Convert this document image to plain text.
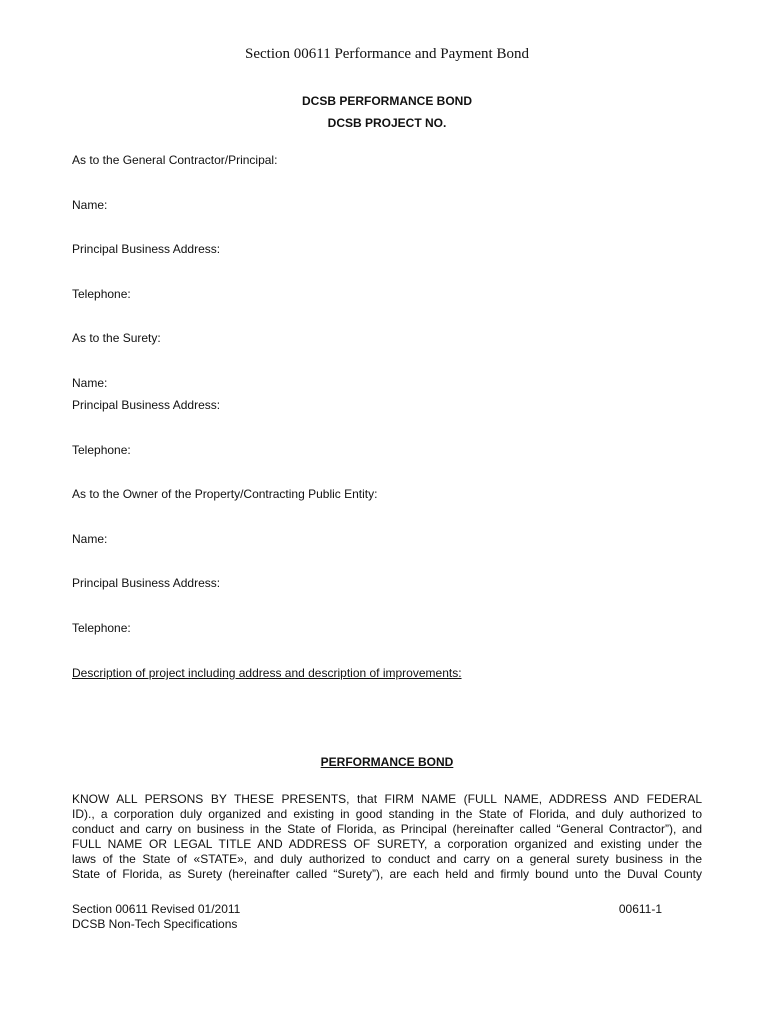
Section 00611 Performance and Payment Bond
DCSB PERFORMANCE BOND
DCSB PROJECT NO.
As to the General Contractor/Principal:
Name:
Principal Business Address:
Telephone:
As to the Surety:
Name:
Principal Business Address:
Telephone:
As to the Owner of the Property/Contracting Public Entity:
Name:
Principal Business Address:
Telephone:
Description of project including address and description of improvements:
PERFORMANCE BOND
KNOW ALL PERSONS BY THESE PRESENTS, that FIRM NAME (FULL NAME, ADDRESS AND FEDERAL
ID)., a corporation duly organized and existing in good standing in the State of Florida, and duly authorized to
conduct and carry on business in the State of Florida, as Principal (hereinafter called “General Contractor”), and
FULL NAME OR LEGAL TITLE AND ADDRESS OF SURETY, a corporation organized and existing under the
laws of the State of «STATE», and duly authorized to conduct and carry on a general surety business in the
State of Florida, as Surety (hereinafter called “Surety”), are each held and firmly bound unto the Duval County
Section 00611 Revised 01/2011
DCSB Non-Tech Specifications
00611-1
